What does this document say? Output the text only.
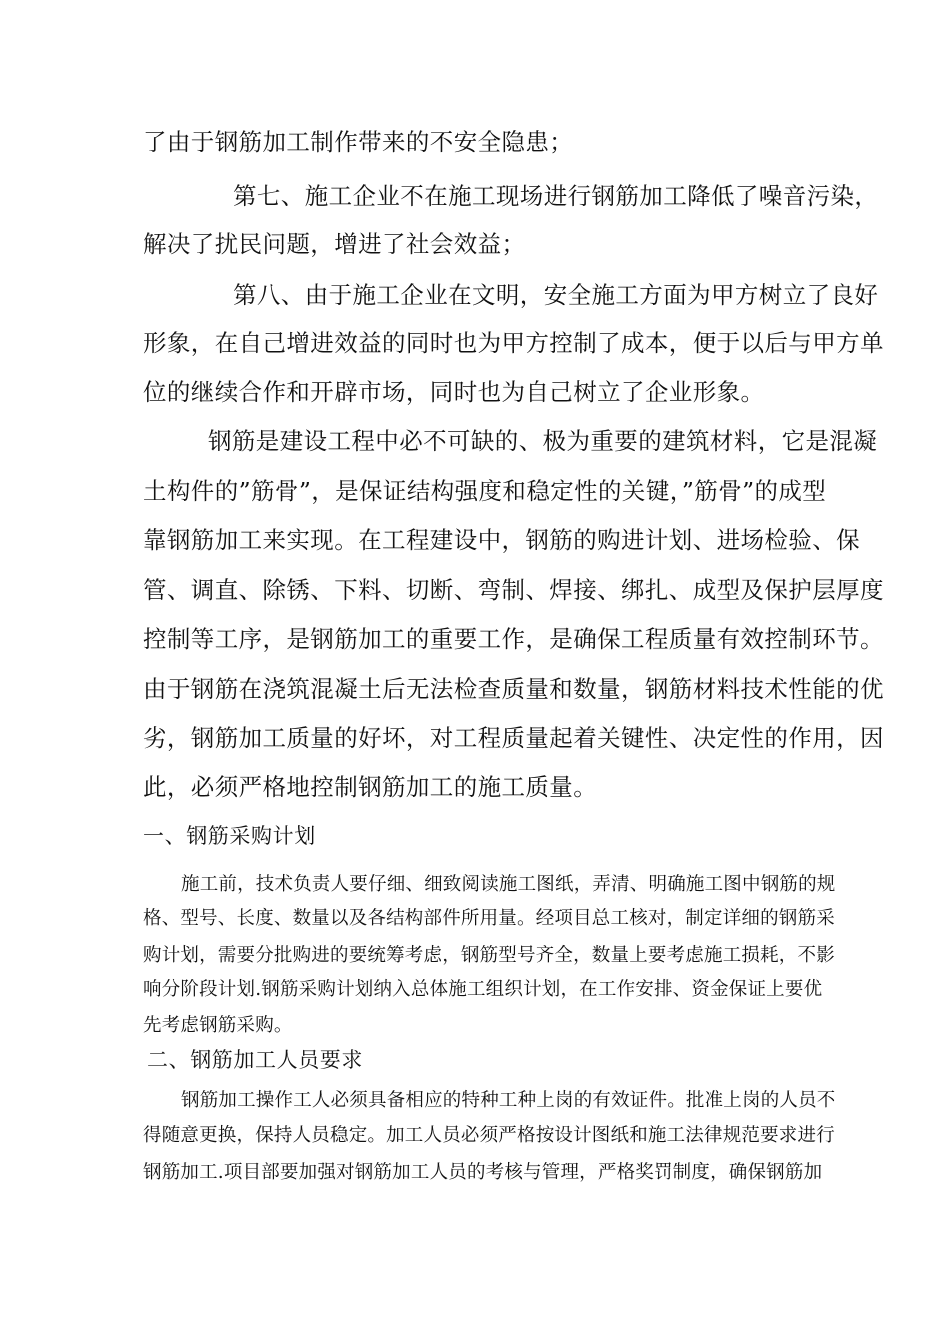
了由于钢筋加工制作带来的不安全隐患；

第七、施工企业不在施工现场进行钢筋加工降低了噪音污染，

解决了扰民问题，增进了社会效益；

第八、由于施工企业在文明，安全施工方面为甲方树立了良好

形象，在自己增进效益的同时也为甲方控制了成本，便于以后与甲方单

位的继续合作和开辟市场，同时也为自己树立了企业形象。

钢筋是建设工程中必不可缺的、极为重要的建筑材料，它是混凝

土构件的”筋骨”，是保证结构强度和稳定性的关键，”筋骨”的成型

靠钢筋加工来实现。在工程建设中，钢筋的购进计划、进场检验、保

管、调直、除锈、下料、切断、弯制、焊接、绑扎、成型及保护层厚度

控制等工序，是钢筋加工的重要工作，是确保工程质量有效控制环节。

由于钢筋在浇筑混凝土后无法检查质量和数量，钢筋材料技术性能的优

劣，钢筋加工质量的好坏，对工程质量起着关键性、决定性的作用，因

此，必须严格地控制钢筋加工的施工质量。

一、钢筋采购计划

施工前，技术负责人要仔细、细致阅读施工图纸，弄清、明确施工图中钢筋的规

格、型号、长度、数量以及各结构部件所用量。经项目总工核对，制定详细的钢筋采

购计划，需要分批购进的要统筹考虑，钢筋型号齐全，数量上要考虑施工损耗，不影

响分阶段计划.钢筋采购计划纳入总体施工组织计划，在工作安排、资金保证上要优

先考虑钢筋采购。

二、钢筋加工人员要求

钢筋加工操作工人必须具备相应的特种工种上岗的有效证件。批准上岗的人员不

得随意更换，保持人员稳定。加工人员必须严格按设计图纸和施工法律规范要求进行

钢筋加工.项目部要加强对钢筋加工人员的考核与管理，严格奖罚制度，确保钢筋加
